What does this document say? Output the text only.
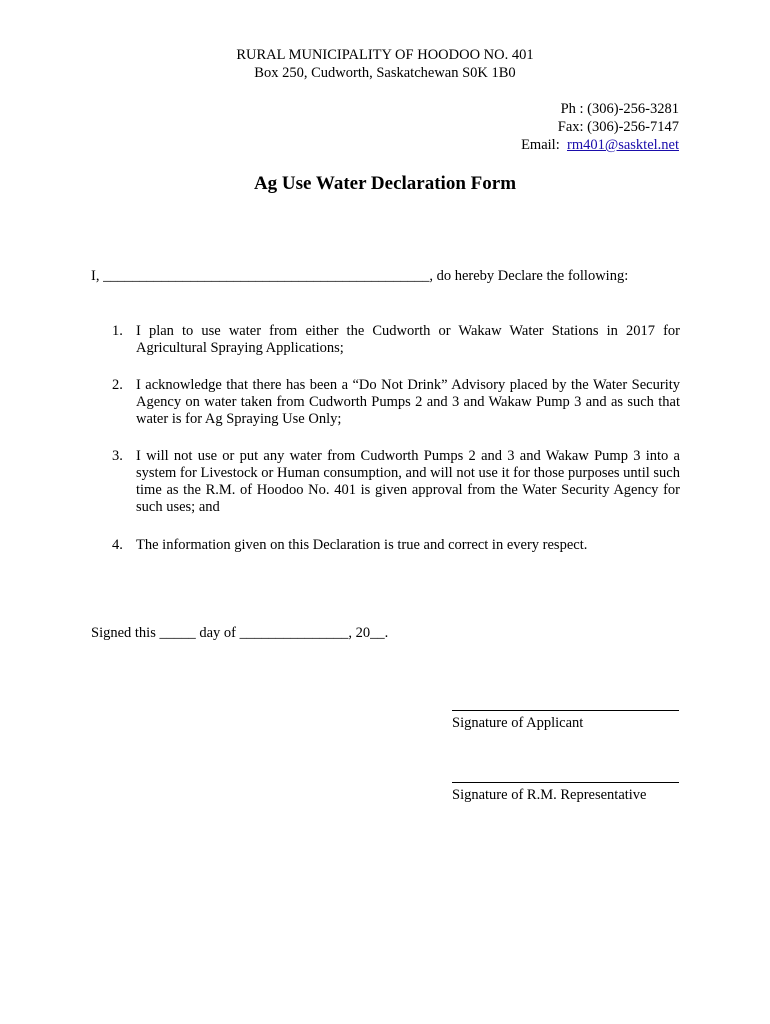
RURAL MUNICIPALITY OF HOODOO NO. 401
Box 250, Cudworth, Saskatchewan S0K 1B0
Ph : (306)-256-3281
Fax: (306)-256-7147
Email: rm401@sasktel.net
Ag Use Water Declaration Form
I, _____________________________________________, do hereby Declare the following:
1. I plan to use water from either the Cudworth or Wakaw Water Stations in 2017 for Agricultural Spraying Applications;
2. I acknowledge that there has been a “Do Not Drink” Advisory placed by the Water Security Agency on water taken from Cudworth Pumps 2 and 3 and Wakaw Pump 3 and as such that water is for Ag Spraying Use Only;
3. I will not use or put any water from Cudworth Pumps 2 and 3 and Wakaw Pump 3 into a system for Livestock or Human consumption, and will not use it for those purposes until such time as the R.M. of Hoodoo No. 401 is given approval from the Water Security Agency for such uses; and
4. The information given on this Declaration is true and correct in every respect.
Signed this _____ day of _______________, 20__.
Signature of Applicant
Signature of R.M. Representative
